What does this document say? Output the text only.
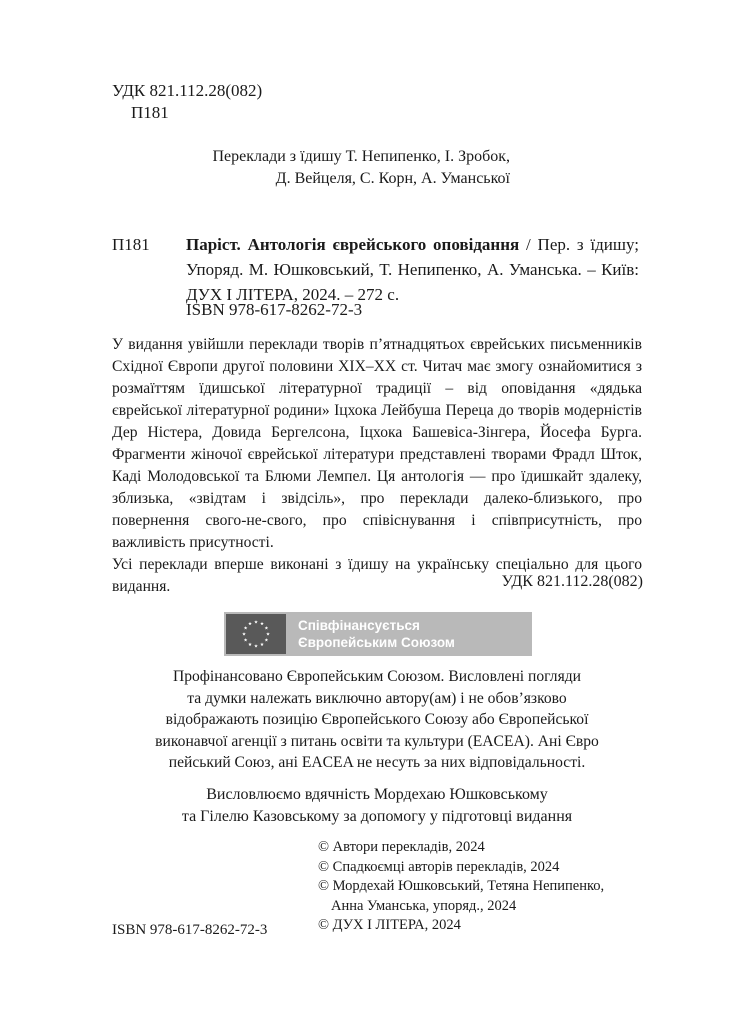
УДК 821.112.28(082)
П181
Переклади з їдишу Т. Непипенко, І. Зробок,
Д. Вейцеля, С. Корн, А. Уманської
П181 Паріст. Антологія єврейського оповідання / Пер. з їдишу; Упоряд. М. Юшковський, Т. Непипенко, А. Уманська. – Київ: ДУХ І ЛІТЕРА, 2024. – 272 с.
ISBN 978-617-8262-72-3

У видання увійшли переклади творів п’ятнадцятьох єврейських письменників Східної Європи другої половини ХІХ–ХХ ст. Читач має змогу ознайомитися з розмаїттям їдишської літературної традиції – від оповідання «дядька єврейської літературної родини» Іцхока Лейбуша Переца до творів модерністів Дер Ністера, Довида Бергелсона, Іцхока Башевіса-Зінгера, Йосефа Бурга. Фрагменти жіночої єврейської літератури представлені творами Фрадл Шток, Каді Молодовської та Блюми Лемпел. Ця антологія — про їдишкайт здалеку, зблизька, «звідтам і звідсіль», про переклади далеко-близького, про повернення свого-не-свого, про співіснування і співприсутність, про важливість присутності.

Усі переклади вперше виконані з їдишу на українську спеціально для цього видання.	УДК 821.112.28(082)
Співфінансується
Європейським Союзом
Профінансовано Європейським Союзом. Висловлені погляди
та думки належать виключно автору(ам) і не обов’язково
відображають позицію Європейського Союзу або Європейської
виконавчої агенції з питань освіти та культури (EACEA). Ані Євро
пейський Союз, ані EACEA не несуть за них відповідальності.
Висловлюємо вдячність Мордехаю Юшковському
та Гілелю Казовському за допомогу у підготовці видання
© Автори перекладів, 2024
© Спадкоємці авторів перекладів, 2024
© Мордехай Юшковський, Тетяна Непипенко,
Анна Уманська, упоряд., 2024
© ДУХ І ЛІТЕРА, 2024
ISBN 978-617-8262-72-3
